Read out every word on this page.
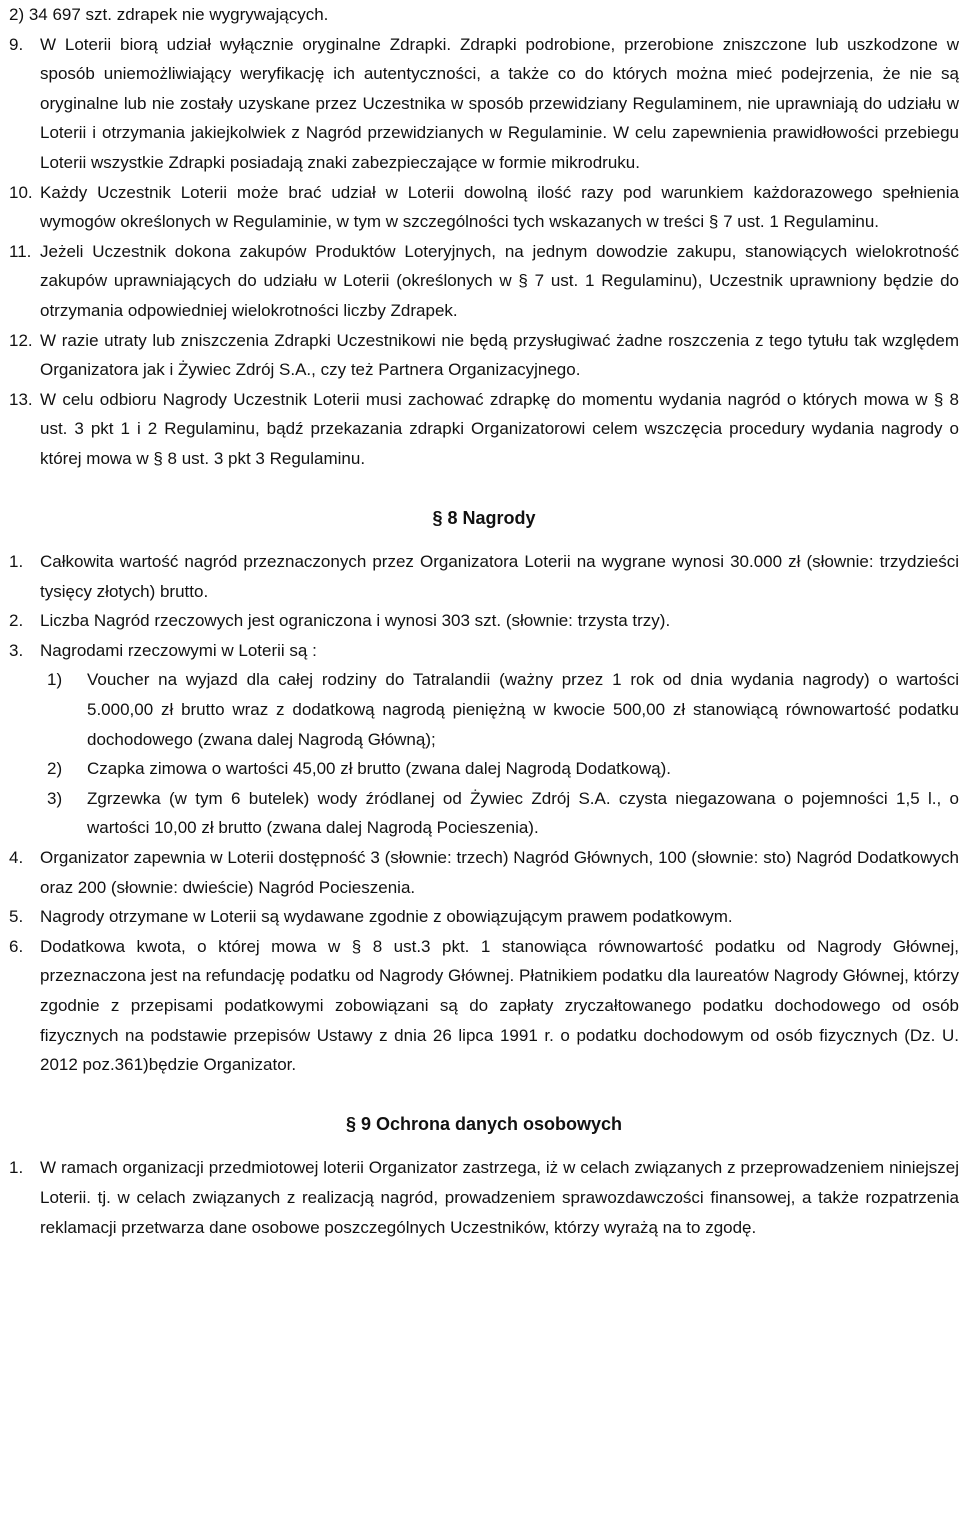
2) 34 697 szt. zdrapek nie wygrywających.

9. W Loterii biorą udział wyłącznie oryginalne Zdrapki. Zdrapki podrobione, przerobione zniszczone lub uszkodzone w sposób uniemożliwiający weryfikację ich autentyczności, a także co do których można mieć podejrzenia, że nie są oryginalne lub nie zostały uzyskane przez Uczestnika w sposób przewidziany Regulaminem, nie uprawniają do udziału w Loterii i otrzymania jakiejkolwiek z Nagród przewidzianych w Regulaminie. W celu zapewnienia prawidłowości przebiegu Loterii wszystkie Zdrapki posiadają znaki zabezpieczające w formie mikrodruku.

10. Każdy Uczestnik Loterii może brać udział w Loterii dowolną ilość razy pod warunkiem każdorazowego spełnienia wymogów określonych w Regulaminie, w tym w szczególności tych wskazanych w treści § 7 ust. 1 Regulaminu.

11. Jeżeli Uczestnik dokona zakupów Produktów Loteryjnych, na jednym dowodzie zakupu, stanowiących wielokrotność zakupów uprawniających do udziału w Loterii (określonych w § 7 ust. 1 Regulaminu), Uczestnik uprawniony będzie do otrzymania odpowiedniej wielokrotności liczby Zdrapek.

12. W razie utraty lub zniszczenia Zdrapki Uczestnikowi nie będą przysługiwać żadne roszczenia z tego tytułu tak względem Organizatora jak i Żywiec Zdrój S.A., czy też Partnera Organizacyjnego.

13. W celu odbioru Nagrody Uczestnik Loterii musi zachować zdrapkę do momentu wydania nagród o których mowa w § 8 ust. 3 pkt 1 i 2 Regulaminu, bądź przekazania zdrapki Organizatorowi celem wszczęcia procedury wydania nagrody o której mowa w § 8 ust. 3 pkt 3 Regulaminu.

§ 8 Nagrody

1. Całkowita wartość nagród przeznaczonych przez Organizatora Loterii na wygrane wynosi 30.000 zł (słownie: trzydzieści tysięcy złotych) brutto.

2. Liczba Nagród rzeczowych jest ograniczona i wynosi 303 szt. (słownie: trzysta trzy).

3. Nagrodami rzeczowymi w Loterii są :

1) Voucher na wyjazd dla całej rodziny do Tatralandii (ważny przez 1 rok od dnia wydania nagrody) o wartości 5.000,00 zł brutto wraz z dodatkową nagrodą pieniężną w kwocie 500,00 zł stanowiącą równowartość podatku dochodowego (zwana dalej Nagrodą Główną);

2) Czapka zimowa o wartości 45,00 zł brutto (zwana dalej Nagrodą Dodatkową).

3) Zgrzewka (w tym 6 butelek) wody źródlanej od Żywiec Zdrój S.A. czysta niegazowana o pojemności 1,5 l., o wartości 10,00 zł brutto (zwana dalej Nagrodą Pocieszenia).

4. Organizator zapewnia w Loterii dostępność 3 (słownie: trzech) Nagród Głównych, 100 (słownie: sto) Nagród Dodatkowych oraz 200 (słownie: dwieście) Nagród Pocieszenia.

5. Nagrody otrzymane w Loterii są wydawane zgodnie z obowiązującym prawem podatkowym.

6. Dodatkowa kwota, o której mowa w § 8 ust.3 pkt. 1 stanowiąca równowartość podatku od Nagrody Głównej, przeznaczona jest na refundację podatku od Nagrody Głównej. Płatnikiem podatku dla laureatów Nagrody Głównej, którzy zgodnie z przepisami podatkowymi zobowiązani są do zapłaty zryczałtowanego podatku dochodowego od osób fizycznych na podstawie przepisów Ustawy z dnia 26 lipca 1991 r. o podatku dochodowym od osób fizycznych (Dz. U. 2012 poz.361)będzie Organizator.

§ 9 Ochrona danych osobowych

1. W ramach organizacji przedmiotowej loterii Organizator zastrzega, iż w celach związanych z przeprowadzeniem niniejszej Loterii. tj. w celach związanych z realizacją nagród, prowadzeniem sprawozdawczości finansowej, a także rozpatrzenia reklamacji przetwarza dane osobowe poszczególnych Uczestników, którzy wyrażą na to zgodę.
